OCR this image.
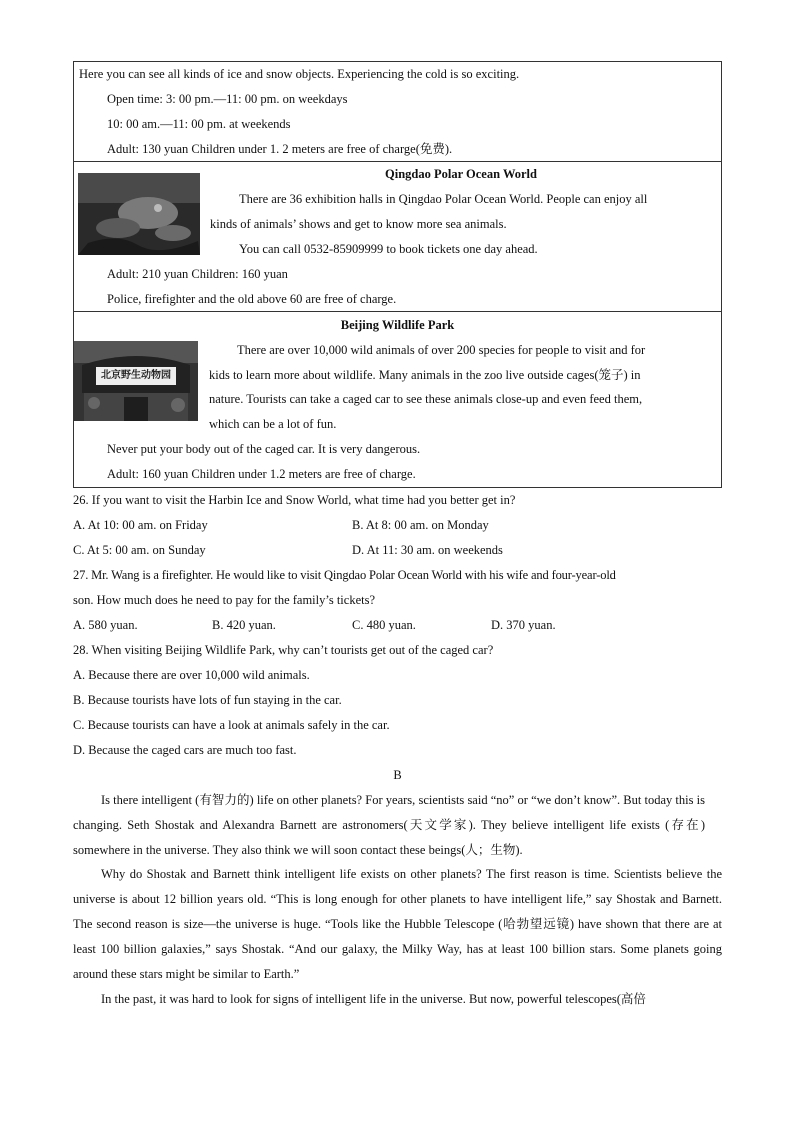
Here you can see all kinds of ice and snow objects. Experiencing the cold is so exciting.
Open time: 3: 00 pm.—11: 00 pm. on weekdays
10: 00 am.—11: 00 pm. at weekends
Adult: 130 yuan Children under 1. 2 meters are free of charge(免费).
Qingdao Polar Ocean World
There are 36 exhibition halls in Qingdao Polar Ocean World. People can enjoy all
kinds of animals’ shows and get to know more sea animals.
You can call 0532-85909999 to book tickets one day ahead.
Adult: 210 yuan Children: 160 yuan
Police, firefighter and the old above 60 are free of charge.
北京野生动物园
Beijing Wildlife Park
There are over 10,000 wild animals of over 200 species for people to visit and for
kids to learn more about wildlife. Many animals in the zoo live outside cages(笼子) in
nature. Tourists can take a caged car to see these animals close-up and even feed them,
which can be a lot of fun.
Never put your body out of the caged car. It is very dangerous.
Adult: 160 yuan Children under 1.2 meters are free of charge.
26. If you want to visit the Harbin Ice and Snow World, what time had you better get in?
A. At 10: 00 am. on Friday	B. At 8: 00 am. on Monday
C. At 5: 00 am. on Sunday	D. At 11: 30 am. on weekends
27. Mr. Wang is a firefighter. He would like to visit Qingdao Polar Ocean World with his wife and four-year-old
son. How much does he need to pay for the family’s tickets?
A. 580 yuan.	B. 420 yuan.	C. 480 yuan.	D. 370 yuan.
28. When visiting Beijing Wildlife Park, why can’t tourists get out of the caged car?
A. Because there are over 10,000 wild animals.
B. Because tourists have lots of fun staying in the car.
C. Because tourists can have a look at animals safely in the car.
D. Because the caged cars are much too fast.
B
Is there intelligent (有智力的) life on other planets? For years, scientists said “no” or “we don’t know”. But today this is changing. Seth Shostak and Alexandra Barnett are astronomers(天文学家). They believe intelligent life exists (存在) somewhere in the universe. They also think we will soon contact these beings(人；生物).
Why do Shostak and Barnett think intelligent life exists on other planets? The first reason is time. Scientists believe the universe is about 12 billion years old. “This is long enough for other planets to have intelligent life,” say Shostak and Barnett. The second reason is size—the universe is huge. “Tools like the Hubble Telescope (哈勃望远镜) have shown that there are at least 100 billion galaxies,” says Shostak. “And our galaxy, the Milky Way, has at least 100 billion stars. Some planets going around these stars might be similar to Earth.”
In the past, it was hard to look for signs of intelligent life in the universe. But now, powerful telescopes(高倍
